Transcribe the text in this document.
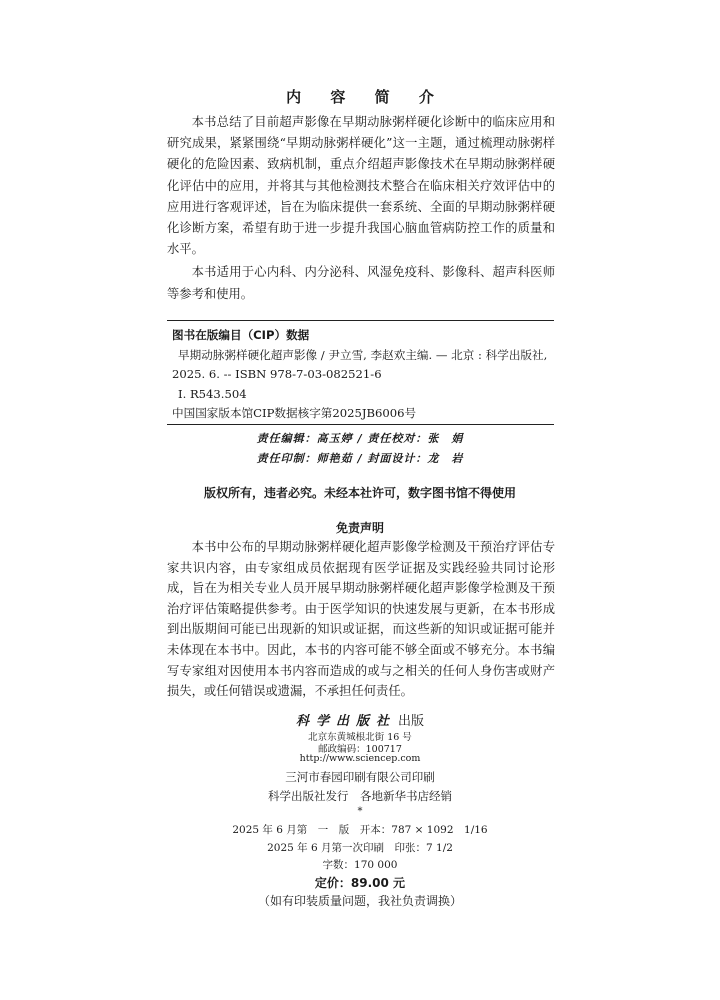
内 容 简 介

本书总结了目前超声影像在早期动脉粥样硬化诊断中的临床应用和研究成果，紧紧围绕“早期动脉粥样硬化”这一主题，通过梳理动脉粥样硬化的危险因素、致病机制，重点介绍超声影像技术在早期动脉粥样硬化评估中的应用，并将其与其他检测技术整合在临床相关疗效评估中的应用进行客观评述，旨在为临床提供一套系统、全面的早期动脉粥样硬化诊断方案，希望有助于进一步提升我国心脑血管病防控工作的质量和水平。

本书适用于心内科、内分泌科、风湿免疫科、影像科、超声科医师等参考和使用。

图书在版编目（CIP）数据
早期动脉粥样硬化超声影像 / 尹立雪, 李赵欢主编. — 北京 : 科学出版社,
2025. 6. -- ISBN 978-7-03-082521-6
Ⅰ. R543.504
中国国家版本馆CIP数据核字第2025JB6006号
责任编辑：高玉婷 / 责任校对：张　娟
责任印制：师艳茹 / 封面设计：龙　岩
版权所有，违者必究。未经本社许可，数字图书馆不得使用
免责声明
本书中公布的早期动脉粥样硬化超声影像学检测及干预治疗评估专家共识内容，由专家组成员依据现有医学证据及实践经验共同讨论形成，旨在为相关专业人员开展早期动脉粥样硬化超声影像学检测及干预治疗评估策略提供参考。由于医学知识的快速发展与更新，在本书形成到出版期间可能已出现新的知识或证据，而这些新的知识或证据可能并未体现在本书中。因此，本书的内容可能不够全面或不够充分。本书编写专家组对因使用本书内容而造成的或与之相关的任何人身伤害或财产损失，或任何错误或遗漏，不承担任何责任。
科学出版社 出版
北京东黄城根北街 16 号
邮政编码：100717
http://www.sciencep.com
三河市春园印刷有限公司印刷
科学出版社发行　各地新华书店经销
*
2025 年 6 月第　一　版　开本：787 × 1092　1/16
2025 年 6 月第一次印刷　印张：7 1/2
字数：170 000
定价：89.00 元
（如有印装质量问题，我社负责调换）
